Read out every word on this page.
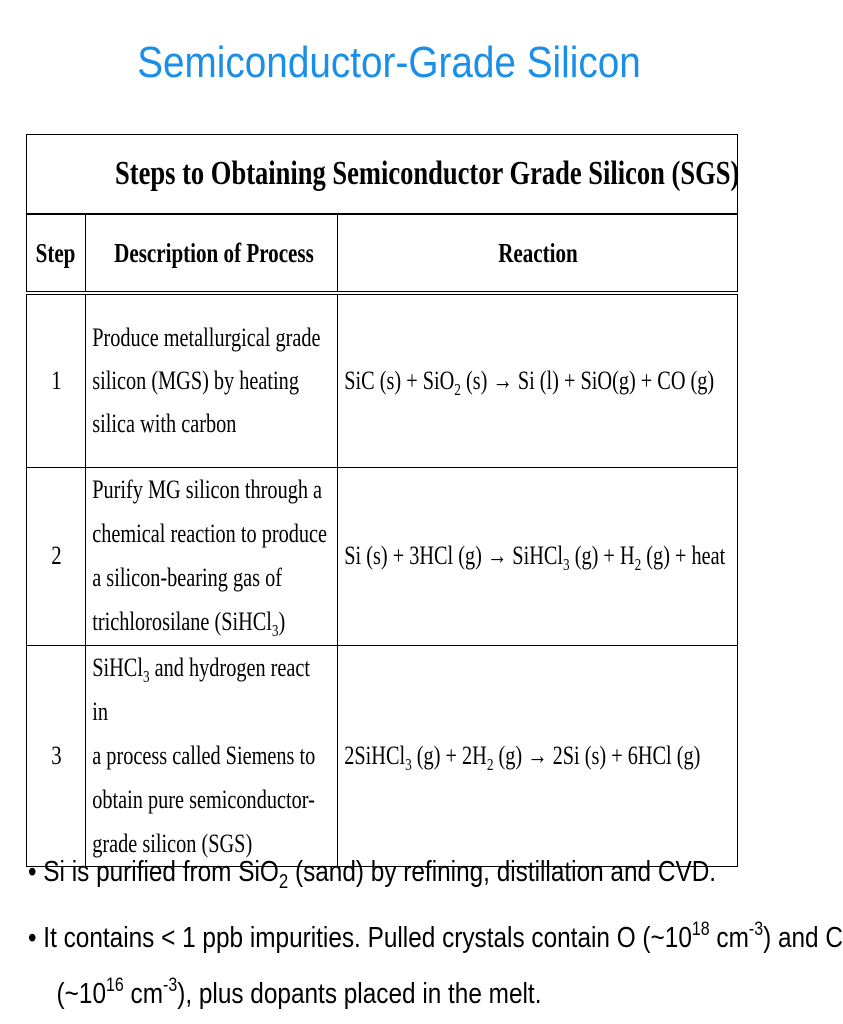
Semiconductor-Grade Silicon
Steps to Obtaining Semiconductor Grade Silicon (SGS)		
Step	Description of Process	Reaction
1	Produce metallurgical grade
silicon (MGS) by heating
silica with carbon	SiC (s) + SiO$_2$ (s) → Si (l) + SiO(g) + CO (g)
2	Purify MG silicon through a
chemical reaction to produce
a silicon-bearing gas of
trichlorosilane (SiHCl$_3$)	Si (s) + 3HCl (g) → SiHCl$_3$ $(g) + H_2$ (g) + heat
3	SiHCl$_3$ and hydrogen react in
a process called Siemens to
obtain pure semiconductor-
grade silicon (SGS)	2SiHCl$_3$ $(g) + 2H_2$ (g) → 2Si (s) + 6HCl (g)
• Si is purified from SiO$_2$ (sand) by refining, distillation and CVD.
• It contains < 1 ppb impurities. Pulled crystals contain O ($\sim 10^{18}$ $cm^{-3}$) and C
($\sim 10^{16}$ $cm^{-3}$), plus dopants placed in the melt.
